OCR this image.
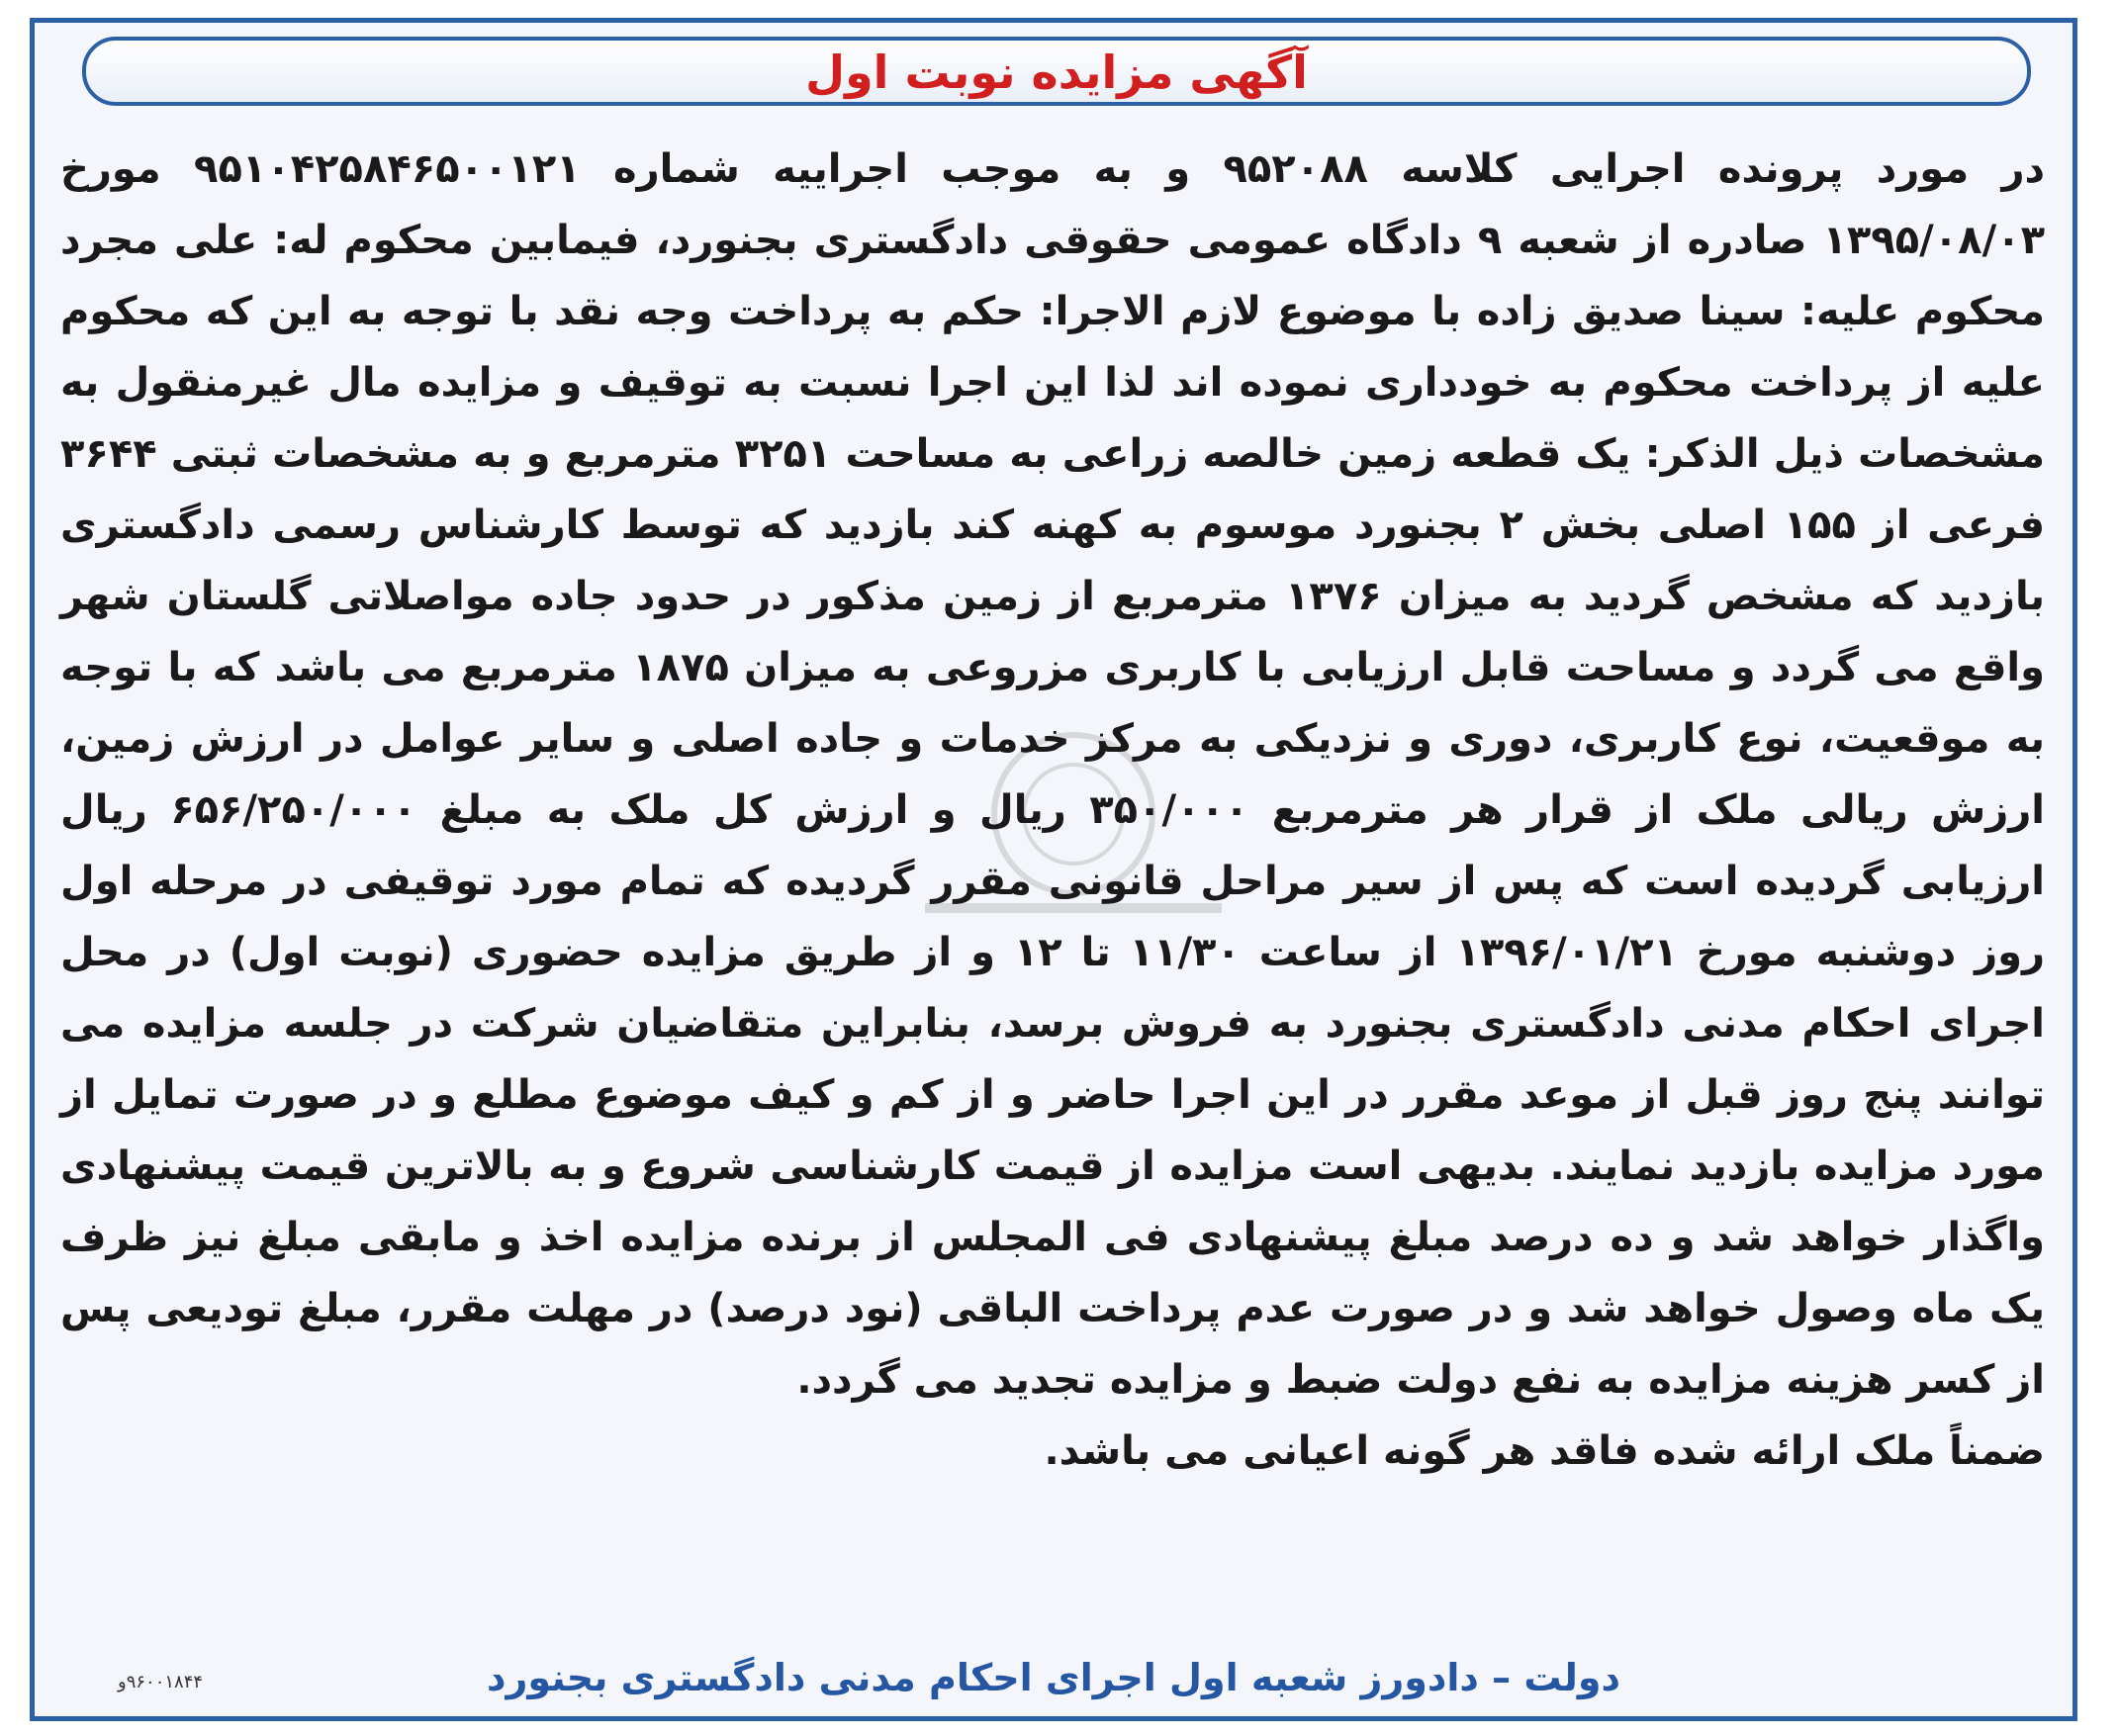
آگهی مزایده نوبت اول

در مورد پرونده اجرایی کلاسه ۹۵۲۰۸۸ و به موجب اجراییه شماره ۹۵۱۰۴۲۵۸۴۶۵۰۰۱۲۱ مورخ ۱۳۹۵/۰۸/۰۳ صادره از شعبه ۹ دادگاه عمومی حقوقی دادگستری بجنورد، فیمابین محکوم له: علی مجرد محکوم علیه: سینا صدیق زاده با موضوع لازم الاجرا: حکم به پرداخت وجه نقد با توجه به این که محکوم علیه از پرداخت محکوم به خودداری نموده اند لذا این اجرا نسبت به توقیف و مزایده مال غیرمنقول به مشخصات ذیل الذکر: یک قطعه زمین خالصه زراعی به مساحت ۳۲۵۱ مترمربع و به مشخصات ثبتی ۳۶۴۴ فرعی از ۱۵۵ اصلی بخش ۲ بجنورد موسوم به کهنه کند بازدید که توسط کارشناس رسمی دادگستری بازدید که مشخص گردید به میزان ۱۳۷۶ مترمربع از زمین مذکور در حدود جاده مواصلاتی گلستان شهر واقع می گردد و مساحت قابل ارزیابی با کاربری مزروعی به میزان ۱۸۷۵ مترمربع می باشد که با توجه به موقعیت، نوع کاربری، دوری و نزدیکی به مرکز خدمات و جاده اصلی و سایر عوامل در ارزش زمین، ارزش ریالی ملک از قرار هر مترمربع ۳۵۰/۰۰۰ ریال و ارزش کل ملک به مبلغ ۶۵۶/۲۵۰/۰۰۰ ریال ارزیابی گردیده است که پس از سیر مراحل قانونی مقرر گردیده که تمام مورد توقیفی در مرحله اول روز دوشنبه مورخ ۱۳۹۶/۰۱/۲۱ از ساعت ۱۱/۳۰ تا ۱۲ و از طریق مزایده حضوری (نوبت اول) در محل اجرای احکام مدنی دادگستری بجنورد به فروش برسد، بنابراین متقاضیان شرکت در جلسه مزایده می توانند پنج روز قبل از موعد مقرر در این اجرا حاضر و از کم و کیف موضوع مطلع و در صورت تمایل از مورد مزایده بازدید نمایند. بدیهی است مزایده از قیمت کارشناسی شروع و به بالاترین قیمت پیشنهادی واگذار خواهد شد و ده درصد مبلغ پیشنهادی فی المجلس از برنده مزایده اخذ و مابقی مبلغ نیز ظرف یک ماه وصول خواهد شد و در صورت عدم پرداخت الباقی (نود درصد) در مهلت مقرر، مبلغ تودیعی پس از کسر هزینه مزایده به نفع دولت ضبط و مزایده تجدید می گردد.

ضمناً ملک ارائه شده فاقد هر گونه اعیانی می باشد.

دولت – دادورز شعبه اول اجرای احکام مدنی دادگستری بجنورد
۹۶۰۰۱۸۴۴و
